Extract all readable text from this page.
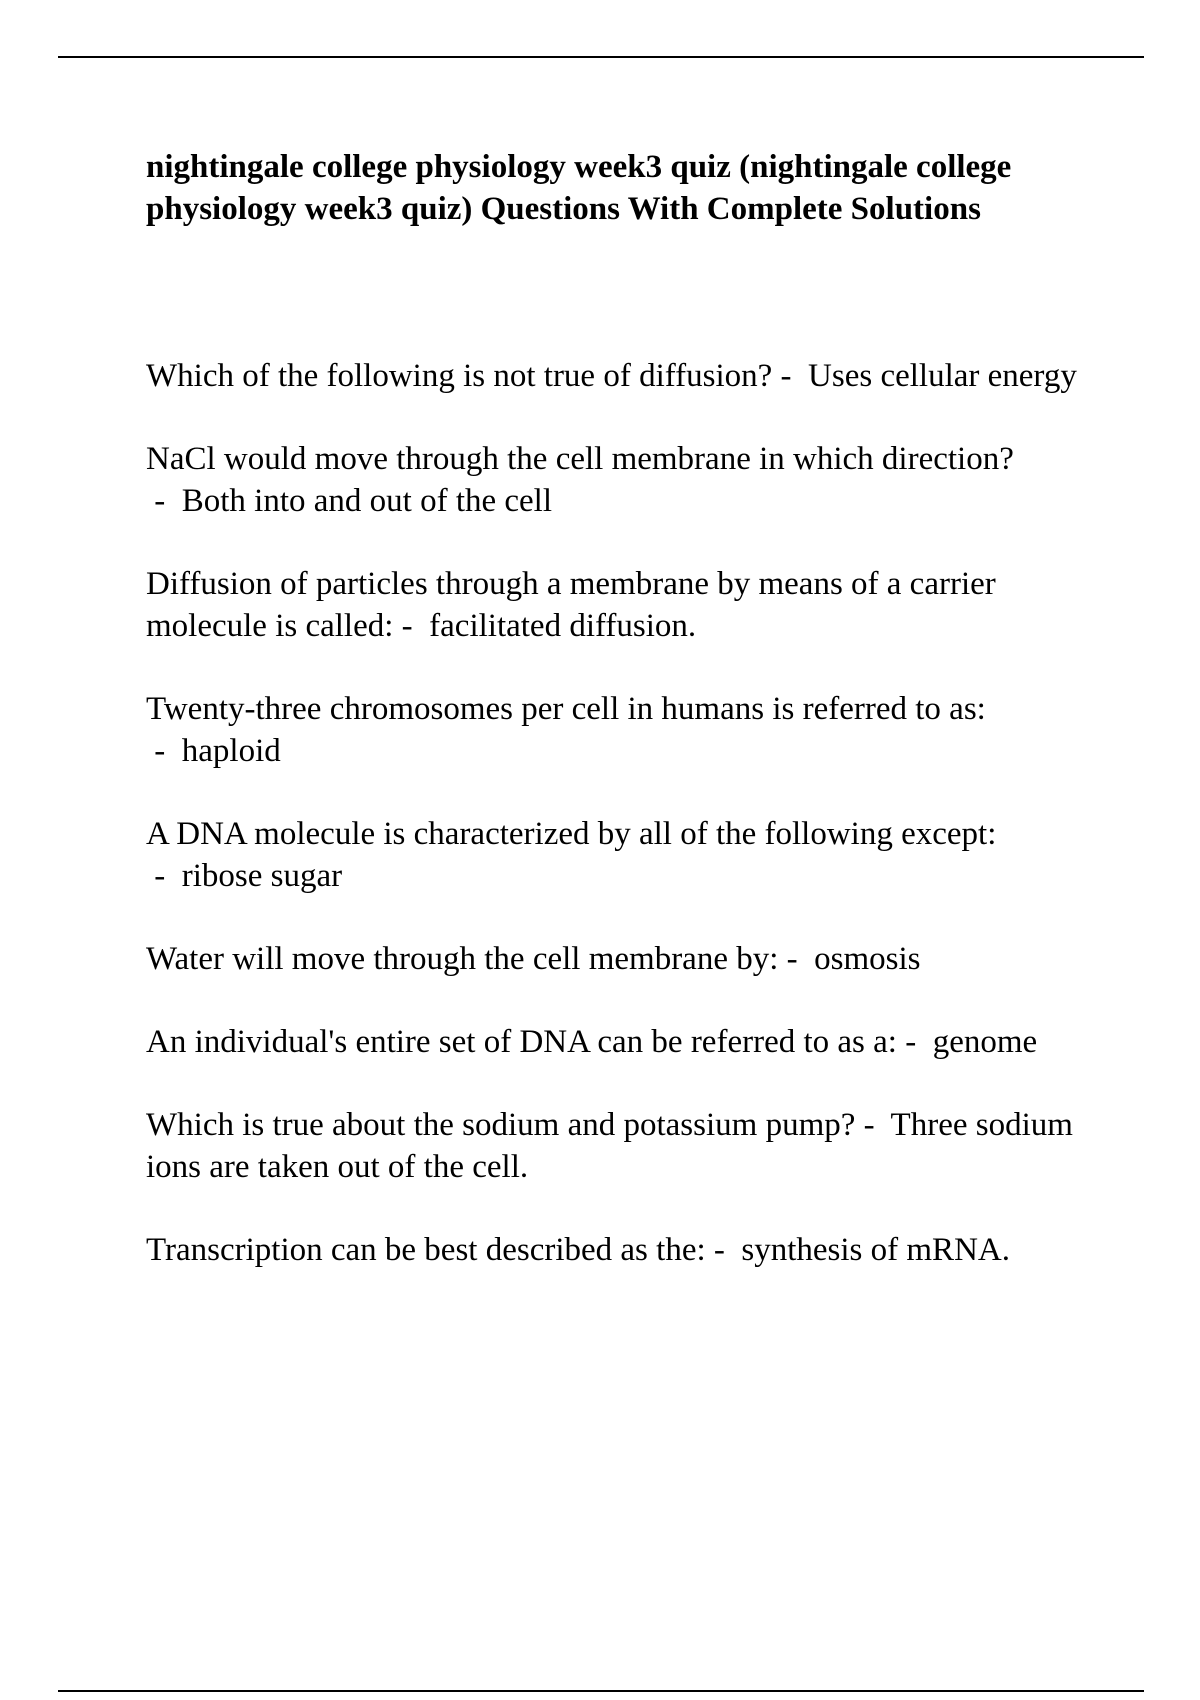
nightingale college physiology week3 quiz (nightingale college physiology week3 quiz) Questions With Complete Solutions

Which of the following is not true of diffusion? -  Uses cellular energy

NaCl would move through the cell membrane in which direction? -  Both into and out of the cell

Diffusion of particles through a membrane by means of a carrier molecule is called: -  facilitated diffusion.

Twenty-three chromosomes per cell in humans is referred to as: -  haploid

A DNA molecule is characterized by all of the following except: -  ribose sugar

Water will move through the cell membrane by: -  osmosis

An individual's entire set of DNA can be referred to as a: -  genome

Which is true about the sodium and potassium pump? -  Three sodium ions are taken out of the cell.

Transcription can be best described as the: -  synthesis of mRNA.
